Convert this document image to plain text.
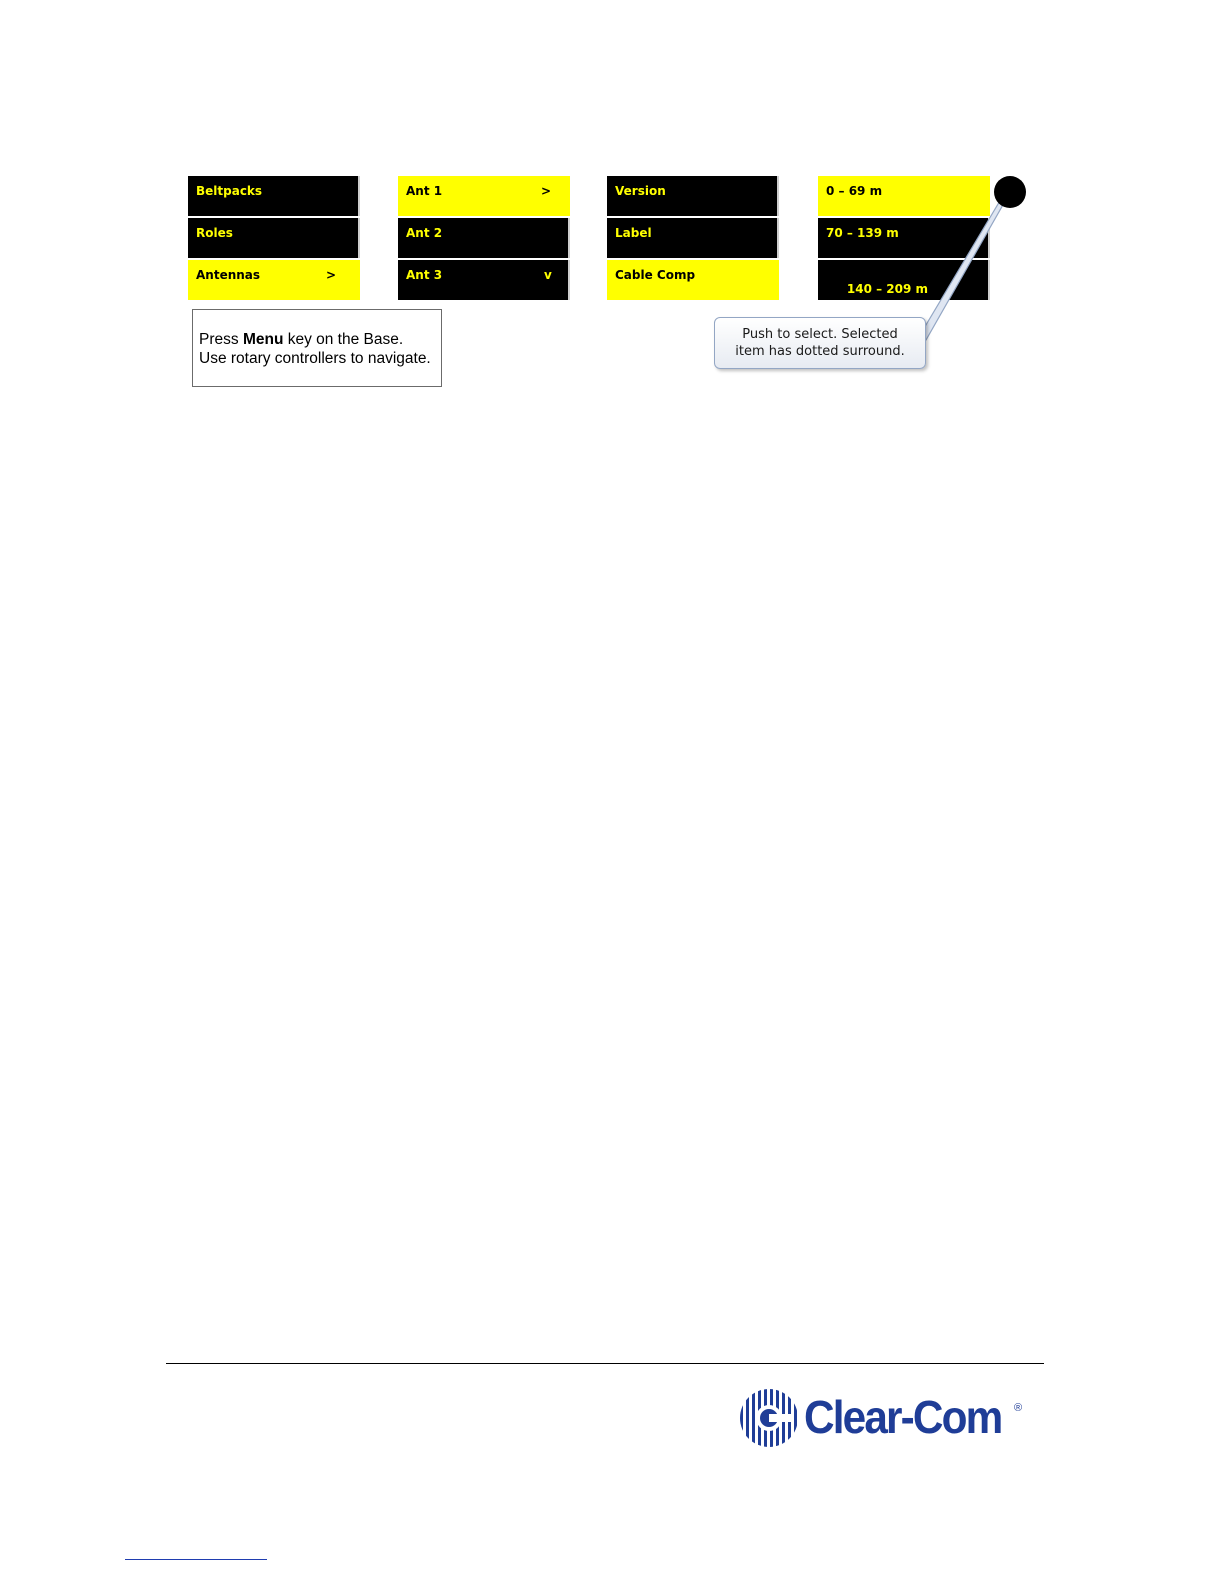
Beltpacks
Roles
Antennas	>
Ant 1	>
Ant 2
Ant 3	v
Version
Label
Cable Comp
0 – 69 m
70 – 139 m

140 – 209 m

Press Menu key on the Base.
Use rotary controllers to navigate.
Push to select. Selected
item has dotted surround.
Clear-Com ®
